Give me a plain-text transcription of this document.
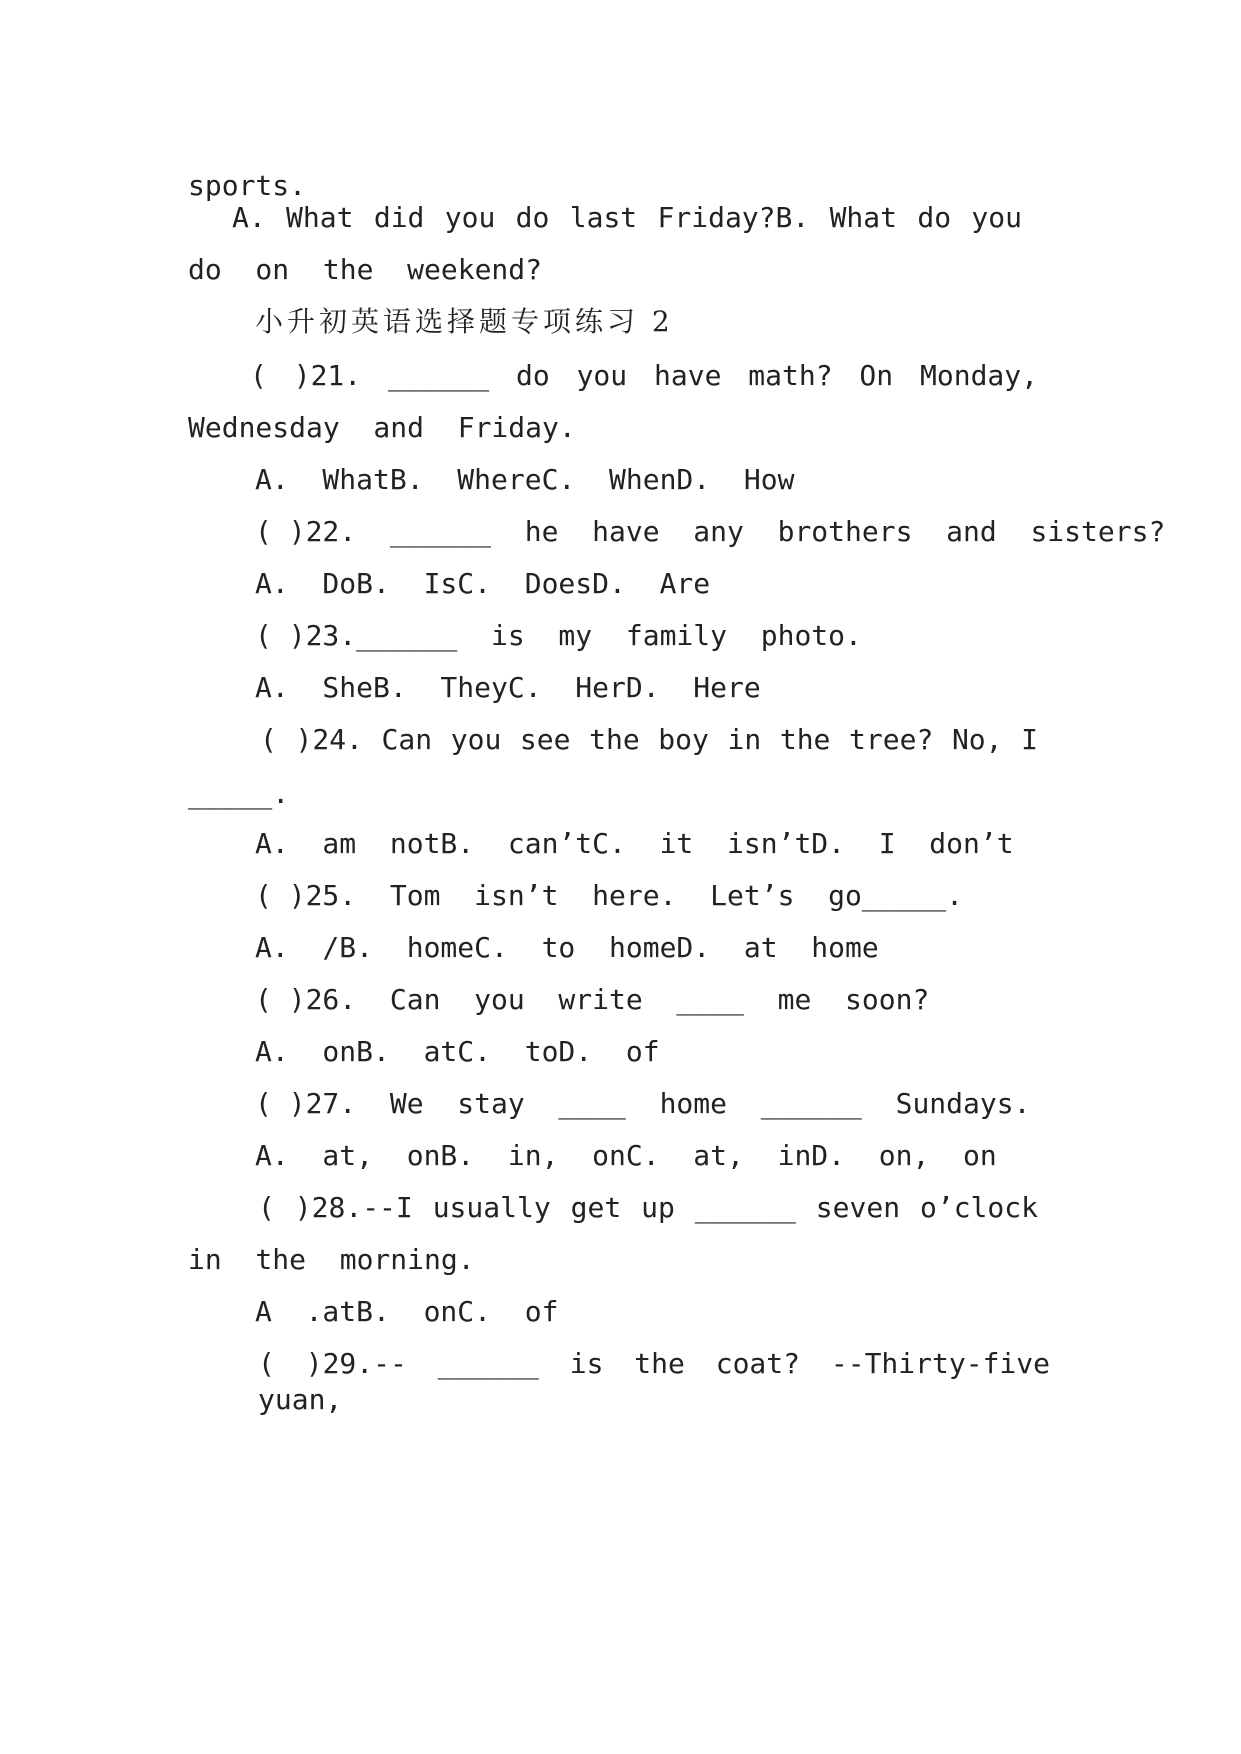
sports.
A. What did you do last Friday?B. What do you
do  on  the  weekend?
小升初英语选择题专项练习 2
( )21. ______ do you have math? On Monday,
Wednesday  and  Friday.
A.  WhatB.  WhereC.  WhenD.  How
( )22.  ______  he  have  any  brothers  and  sisters?
A.  DoB.  IsC.  DoesD.  Are
( )23.______  is  my  family  photo.
A.  SheB.  TheyC.  HerD.  Here
( )24. Can you see the boy in the tree? No, I
_____.
A.  am  notB.  can’tC.  it  isn’tD.  I  don’t
( )25.  Tom  isn’t  here.  Let’s  go_____.
A.  /B.  homeC.  to  homeD.  at  home
( )26.  Can  you  write  ____  me  soon?
A.  onB.  atC.  toD.  of
( )27.  We  stay  ____  home  ______  Sundays.
A.  at,  onB.  in,  onC.  at,  inD.  on,  on
( )28.--I usually get up ______ seven o’clock
in  the  morning.
A  .atB.  onC.  of
( )29.-- ______ is the coat? --Thirty-five yuan,
